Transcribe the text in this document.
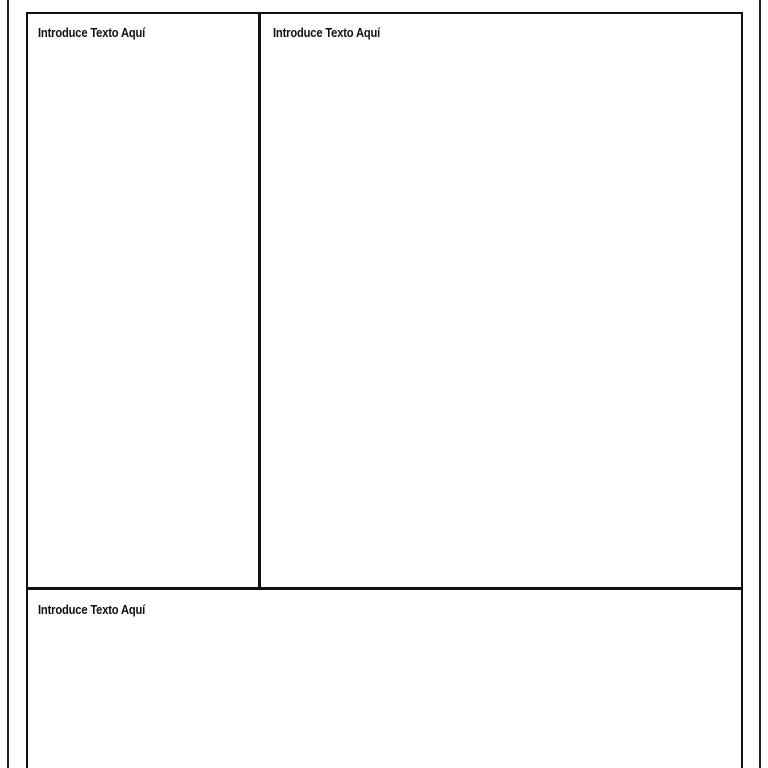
Introduce Texto Aquí	Introduce Texto Aquí
Introduce Texto Aquí
